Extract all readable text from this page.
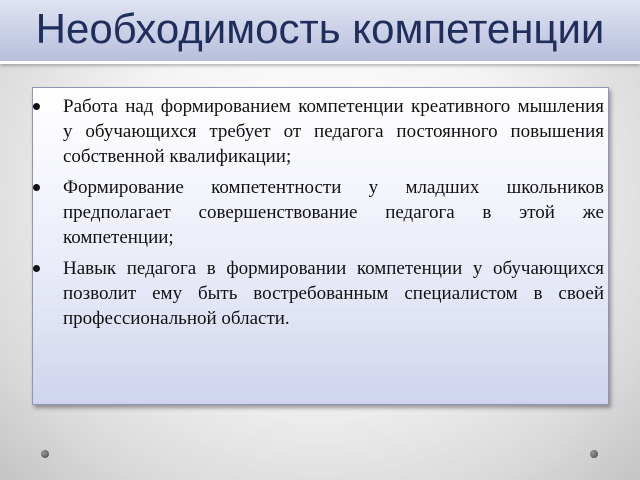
Необходимость компетенции
Работа над формированием компетенции креативного мышления у обучающихся требует от педагога постоянного повышения собственной квалификации;
Формирование компетентности у младших школьников предполагает совершенствование педагога в этой же компетенции;
Навык педагога в формировании компетенции у обучающихся позволит ему быть востребованным специалистом в своей профессиональной области.
